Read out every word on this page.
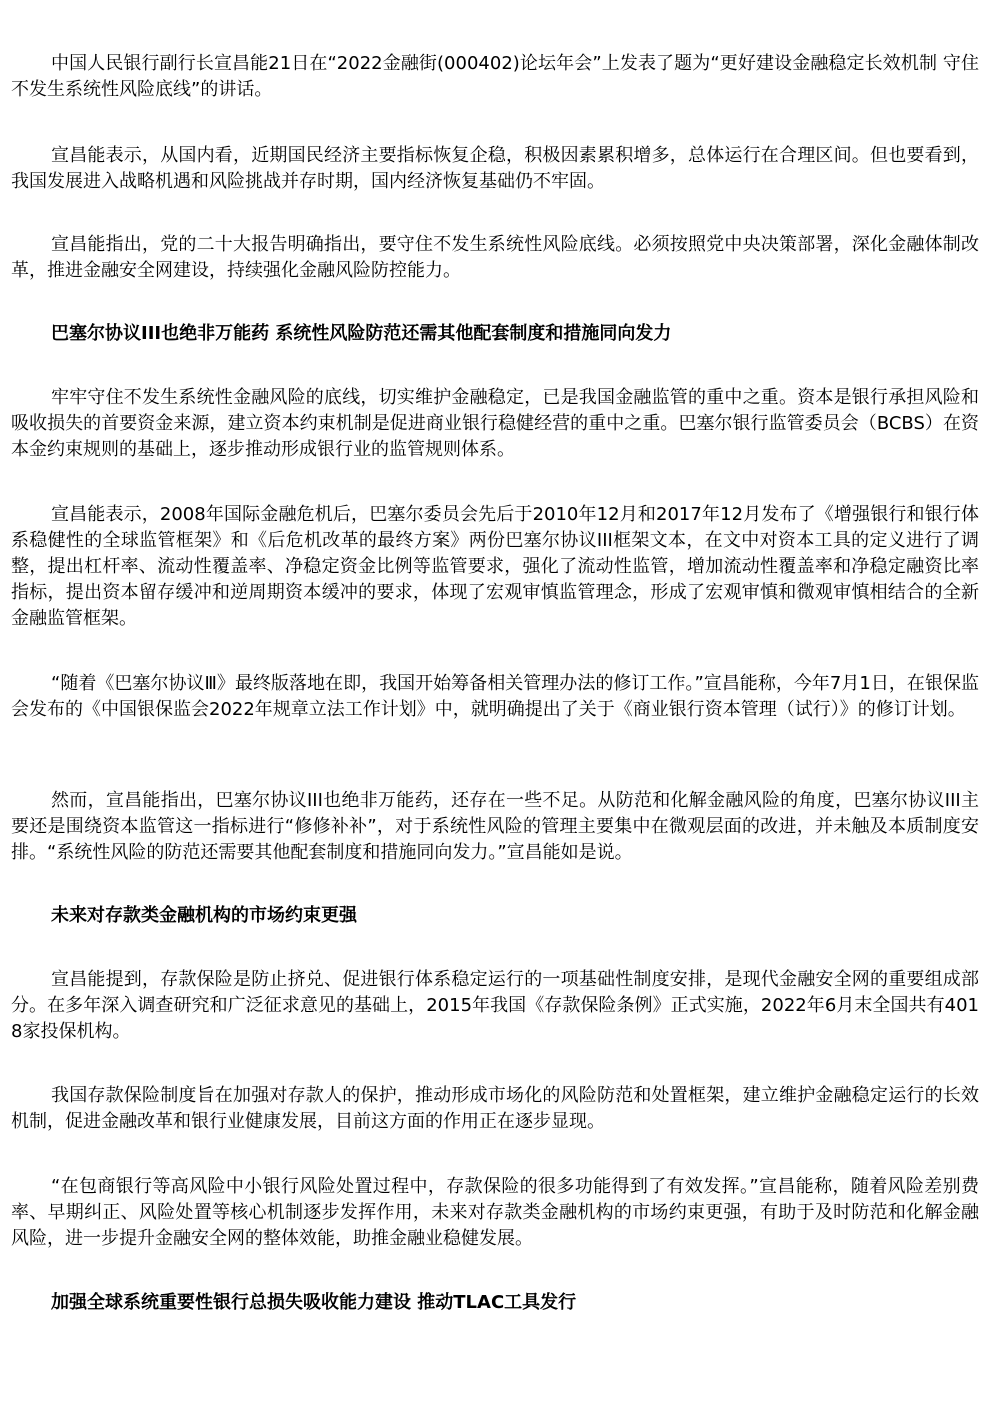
中国人民银行副行长宣昌能21日在“2022金融街(000402)论坛年会”上发表了题为“更好建设金融稳定长效机制 守住不发生系统性风险底线”的讲话。

宣昌能表示，从国内看，近期国民经济主要指标恢复企稳，积极因素累积增多，总体运行在合理区间。但也要看到，我国发展进入战略机遇和风险挑战并存时期，国内经济恢复基础仍不牢固。

宣昌能指出，党的二十大报告明确指出，要守住不发生系统性风险底线。必须按照党中央决策部署，深化金融体制改革，推进金融安全网建设，持续强化金融风险防控能力。

巴塞尔协议III也绝非万能药 系统性风险防范还需其他配套制度和措施同向发力

牢牢守住不发生系统性金融风险的底线，切实维护金融稳定，已是我国金融监管的重中之重。资本是银行承担风险和吸收损失的首要资金来源，建立资本约束机制是促进商业银行稳健经营的重中之重。巴塞尔银行监管委员会（BCBS）在资本金约束规则的基础上，逐步推动形成银行业的监管规则体系。

宣昌能表示，2008年国际金融危机后，巴塞尔委员会先后于2010年12月和2017年12月发布了《增强银行和银行体系稳健性的全球监管框架》和《后危机改革的最终方案》两份巴塞尔协议III框架文本，在文中对资本工具的定义进行了调整，提出杠杆率、流动性覆盖率、净稳定资金比例等监管要求，强化了流动性监管，增加流动性覆盖率和净稳定融资比率指标，提出资本留存缓冲和逆周期资本缓冲的要求，体现了宏观审慎监管理念，形成了宏观审慎和微观审慎相结合的全新金融监管框架。

“随着《巴塞尔协议Ⅲ》最终版落地在即，我国开始筹备相关管理办法的修订工作。”宣昌能称，今年7月1日，在银保监会发布的《中国银保监会2022年规章立法工作计划》中，就明确提出了关于《商业银行资本管理（试行）》的修订计划。

然而，宣昌能指出，巴塞尔协议III也绝非万能药，还存在一些不足。从防范和化解金融风险的角度，巴塞尔协议III主要还是围绕资本监管这一指标进行“修修补补”，对于系统性风险的管理主要集中在微观层面的改进，并未触及本质制度安排。“系统性风险的防范还需要其他配套制度和措施同向发力。”宣昌能如是说。

未来对存款类金融机构的市场约束更强

宣昌能提到，存款保险是防止挤兑、促进银行体系稳定运行的一项基础性制度安排，是现代金融安全网的重要组成部分。在多年深入调查研究和广泛征求意见的基础上，2015年我国《存款保险条例》正式实施，2022年6月末全国共有4018家投保机构。

我国存款保险制度旨在加强对存款人的保护，推动形成市场化的风险防范和处置框架，建立维护金融稳定运行的长效机制，促进金融改革和银行业健康发展，目前这方面的作用正在逐步显现。

“在包商银行等高风险中小银行风险处置过程中，存款保险的很多功能得到了有效发挥。”宣昌能称，随着风险差别费率、早期纠正、风险处置等核心机制逐步发挥作用，未来对存款类金融机构的市场约束更强，有助于及时防范和化解金融风险，进一步提升金融安全网的整体效能，助推金融业稳健发展。

加强全球系统重要性银行总损失吸收能力建设 推动TLAC工具发行
